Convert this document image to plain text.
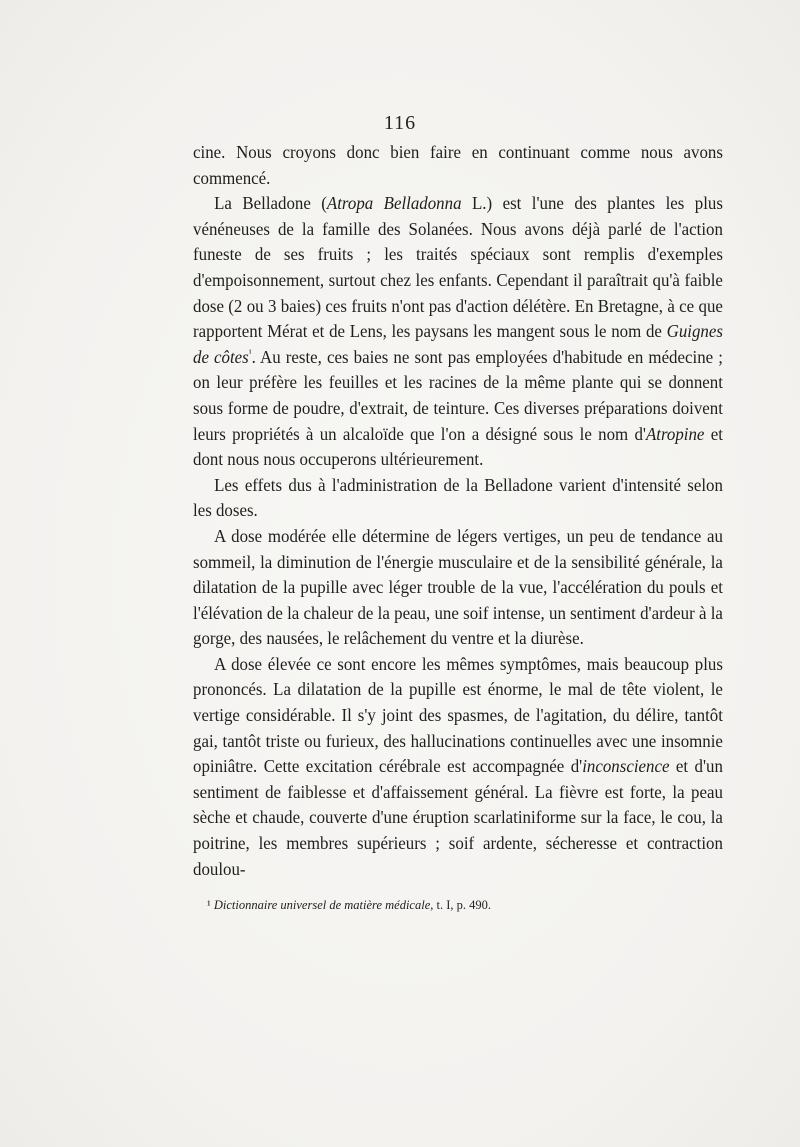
116

cine. Nous croyons donc bien faire en continuant comme nous avons commencé.

La Belladone (Atropa Belladonna L.) est l'une des plantes les plus vénéneuses de la famille des Solanées. Nous avons déjà parlé de l'action funeste de ses fruits ; les traités spéciaux sont remplis d'exemples d'empoisonnement, surtout chez les enfants. Cependant il paraîtrait qu'à faible dose (2 ou 3 baies) ces fruits n'ont pas d'action délétère. En Bretagne, à ce que rapportent Mérat et de Lens, les paysans les mangent sous le nom de Guignes de côtes$^{^1}$. Au reste, ces baies ne sont pas employées d'habitude en médecine ; on leur préfère les feuilles et les racines de la même plante qui se donnent sous forme de poudre, d'extrait, de teinture. Ces diverses préparations doivent leurs propriétés à un alcaloïde que l'on a désigné sous le nom d'Atropine et dont nous nous occuperons ultérieurement.

Les effets dus à l'administration de la Belladone varient d'intensité selon les doses.

A dose modérée elle détermine de légers vertiges, un peu de tendance au sommeil, la diminution de l'énergie musculaire et de la sensibilité générale, la dilatation de la pupille avec léger trouble de la vue, l'accélération du pouls et l'élévation de la chaleur de la peau, une soif intense, un sentiment d'ardeur à la gorge, des nausées, le relâchement du ventre et la diurèse.

A dose élevée ce sont encore les mêmes symptômes, mais beaucoup plus prononcés. La dilatation de la pupille est énorme, le mal de tête violent, le vertige considérable. Il s'y joint des spasmes, de l'agitation, du délire, tantôt gai, tantôt triste ou furieux, des hallucinations continuelles avec une insomnie opiniâtre. Cette excitation cérébrale est accompagnée d'inconscience et d'un sentiment de faiblesse et d'affaissement général. La fièvre est forte, la peau sèche et chaude, couverte d'une éruption scarlatiniforme sur la face, le cou, la poitrine, les membres supérieurs ; soif ardente, sécheresse et contraction doulou-

¹ Dictionnaire universel de matière médicale, t. I, p. 490.
